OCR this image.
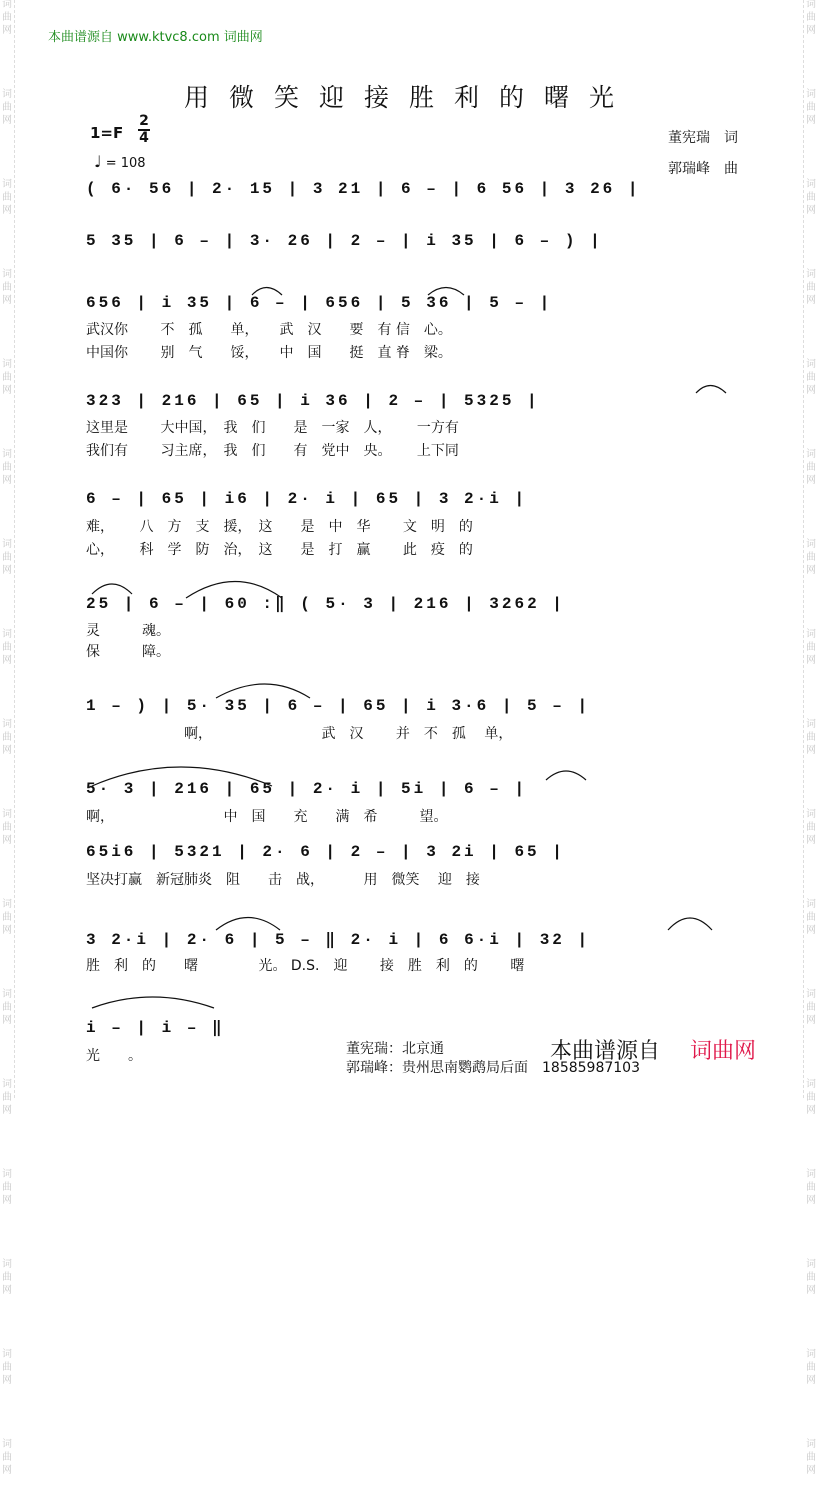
词
曲
网
词
曲
网
词
曲
网
词
曲
网
词
曲
网
词
曲
网
词
曲
网
词
曲
网
词
曲
网
词
曲
网
词
曲
网
词
曲
网
词
曲
网
词
曲
网
词
曲
网
词
曲
网
词
曲
网
词
曲
网
词
曲
网
词
曲
网
词
曲
网
词
曲
网
词
曲
网
词
曲
网
词
曲
网
词
曲
网
词
曲
网
词
曲
网
词
曲
网
词
曲
网
词
曲
网
词
曲
网
词
曲
网
词
曲
网
本曲谱源自 www.ktvc8.com 词曲网
用微笑迎接胜利的曙光
1=F
2
4
♩ = 108
董宪瑞　词
郭瑞峰　曲
( 6· 56 | 2· 15 | 3 21 | 6 – | 6 56 | 3 26 |
5 35 | 6 – | 3· 26 | 2 – | i 35 | 6 – ) |
656 | i 35 | 6 – | 656 | 5 36 | 5 – |
武汉你　　 不　孤　　单，　　武　汉　　要　有 信　心。
中国你　　 别　气　　馁，　　中　国　　挺　直 脊　梁。
323 | 216 | 65 | i 36 | 2 – | 5325 |
这里是　　 大中国，　我　们　　是　一家　人，　　 一方有
我们有　　 习主席，　我　们　　有　党中　央。　　 上下同
6 – | 65 | i6 | 2· i | 65 | 3 2·i |
难，　　 八　方　支　援，　这　　是　中　华　　 文　明　的
心，　　 科　学　防　治，　这　　是　打　赢　　 此　疫　的
25 | 6 – | 60 :‖ ( 5· 3 | 216 | 3262 |
灵　　　魂。
保　　　障。
1 – ) | 5· 35 | 6 – | 65 | i 3·6 | 5 – |
　　　　　　　啊，　　　　　　　　 武　汉　　 并　不　孤　 单，
5· 3 | 216 | 65 | 2· i | 5i | 6 – |
啊，　　　　　　　　 中　国　　充　　满　希　　　望。
65i6 | 5321 | 2· 6 | 2 – | 3 2i | 65 |
坚决打赢　新冠肺炎　阻　　击　战，　　　 用　微笑　 迎　接
3 2·i | 2· 6 | 5 – ‖ 2· i | 6 6·i | 32 |
胜　利　的　　曙　　　　 光。 D.S.　迎　　 接　胜　利　的　　 曙
i – | i – ‖
光　　。	董宪瑞：北京通
郭瑞峰：贵州思南鹦鹉局后面　18585987103
本曲谱源自 词曲网
